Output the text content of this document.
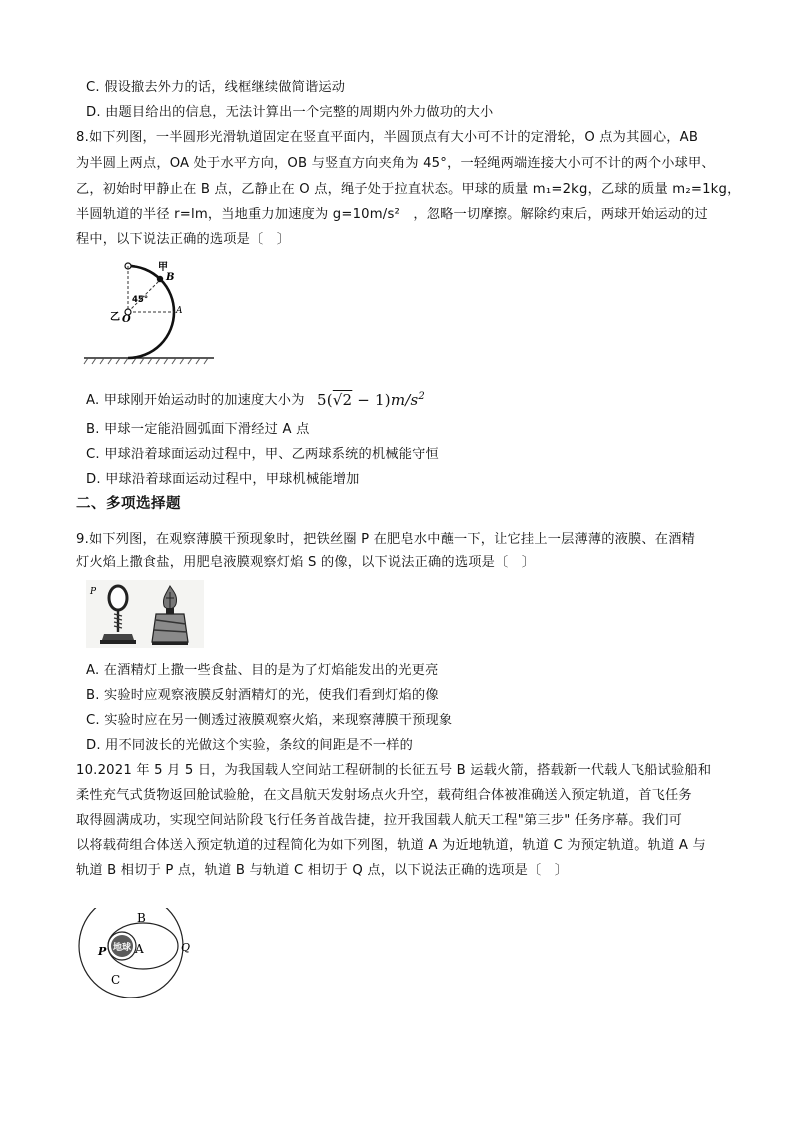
C. 假设撤去外力的话，线框继续做简谐运动
D. 由题目给出的信息，无法计算出一个完整的周期内外力做功的大小
8.如下列图，一半圆形光滑轨道固定在竖直平面内，半圆顶点有大小可不计的定滑轮，O 点为其圆心，AB
为半圆上两点，OA 处于水平方向，OB 与竖直方向夹角为 45°，一轻绳两端连接大小可不计的两个小球甲、
乙，初始时甲静止在 B 点，乙静止在 O 点，绳子处于拉直状态。甲球的质量 m₁=2kg，乙球的质量 m₂=1kg，
半圆轨道的半径 r=lm，当地重力加速度为 g=10m/s²　，忽略一切摩擦。解除约束后，两球开始运动的过
程中，以下说法正确的选项是〔　〕
甲
B
45°
A
乙 O
A. 甲球刚开始运动时的加速度大小为 $5(√2 - 1)m/s^2$
B. 甲球一定能沿圆弧面下滑经过 A 点
C. 甲球沿着球面运动过程中，甲、乙两球系统的机械能守恒
D. 甲球沿着球面运动过程中，甲球机械能增加
二、多项选择题
9.如下列图，在观察薄膜干预现象时，把铁丝圈 P 在肥皂水中蘸一下，让它挂上一层薄薄的液膜、在酒精
灯火焰上撒食盐，用肥皂液膜观察灯焰 S 的像，以下说法正确的选项是〔　〕
P
A. 在酒精灯上撒一些食盐、目的是为了灯焰能发出的光更亮
B. 实验时应观察液膜反射酒精灯的光，使我们看到灯焰的像
C. 实验时应在另一侧透过液膜观察火焰，来现察薄膜干预现象
D. 用不同波长的光做这个实验，条纹的间距是不一样的
10.2021 年 5 月 5 日，为我国载人空间站工程研制的长征五号 B 运载火箭，搭载新一代载人飞船试验船和
柔性充气式货物返回舱试验舱，在文昌航天发射场点火升空，载荷组合体被准确送入预定轨道，首飞任务
取得圆满成功，实现空间站阶段飞行任务首战告捷，拉开我国载人航天工程"第三步" 任务序幕。我们可
以将载荷组合体送入预定轨道的过程简化为如下列图，轨道 A 为近地轨道，轨道 C 为预定轨道。轨道 A 与
轨道 B 相切于 P 点，轨道 B 与轨道 C 相切于 Q 点，以下说法正确的选项是〔　〕
地球
B
P A	Q
C
